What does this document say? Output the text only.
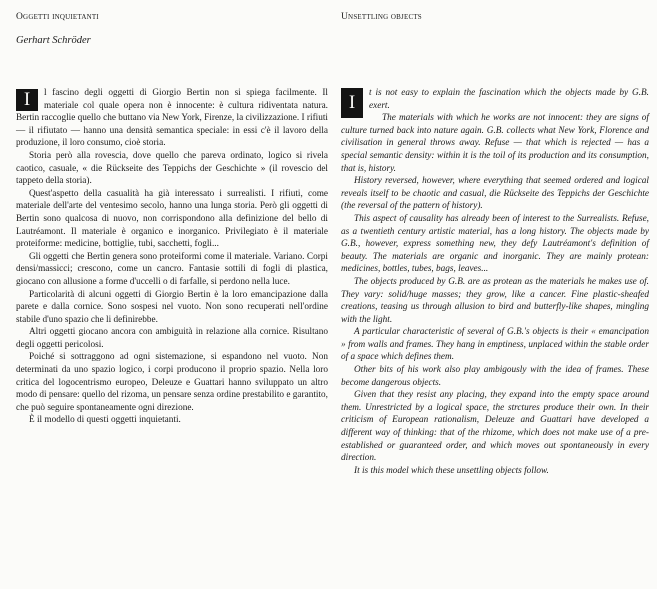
Oggetti inquietanti
Gerhart Schröder

I	l fascino degli oggetti di Giorgio Bertin non si spiega facilmente. Il materiale col quale opera non è innocente: è cultura ridiventata natura. Bertin raccoglie quello che buttano via New York, Firenze, la civilizzazione. I rifiuti — il rifiutato — hanno una densità semantica speciale: in essi c'è il lavoro della produzione, il loro consumo, cioè storia.

Storia però alla rovescia, dove quello che pareva ordinato, logico si rivela caotico, casuale, « die Rückseite des Teppichs der Geschichte » (il rovescio del tappeto della storia).

Quest'aspetto della casualità ha già interessato i surrealisti. I rifiuti, come materiale dell'arte del ventesimo secolo, hanno una lunga storia. Però gli oggetti di Bertin sono qualcosa di nuovo, non corrispondono alla definizione del bello di Lautréamont. Il materiale è organico e inorganico. Privilegiato è il materiale proteiforme: medicine, bottiglie, tubi, sacchetti, fogli...

Gli oggetti che Bertin genera sono proteiformi come il materiale. Variano. Corpi densi/massicci; crescono, come un cancro. Fantasie sottili di fogli di plastica, giocano con allusione a forme d'uccelli o di farfalle, si perdono nella luce.

Particolarità di alcuni oggetti di Giorgio Bertin è la loro emancipazione dalla parete e dalla cornice. Sono sospesi nel vuoto. Non sono recuperati nell'ordine stabile d'uno spazio che li definirebbe.

Altri oggetti giocano ancora con ambiguità in relazione alla cornice. Risultano degli oggetti pericolosi.

Poiché si sottraggono ad ogni sistemazione, si espandono nel vuoto. Non determinati da uno spazio logico, i corpi producono il proprio spazio. Nella loro critica del logocentrismo europeo, Deleuze e Guattari hanno sviluppato un altro modo di pensare: quello del rizoma, un pensare senza ordine prestabilito e garantito, che può seguire spontaneamente ogni direzione.

È il modello di questi oggetti inquietanti.

Unsettling objects

I	t is not easy to explain the fascination which the objects made by G.B. exert.

The materials with which he works are not innocent: they are signs of culture turned back into nature again. G.B. collects what New York, Florence and civilisation in general throws away. Refuse — that which is rejected — has a special semantic density: within it is the toil of its production and its consumption, that is, history.

History reversed, however, where everything that seemed ordered and logical reveals itself to be chaotic and casual, die Rückseite des Teppichs der Geschichte (the reversal of the pattern of history).

This aspect of causality has already been of interest to the Surrealists. Refuse, as a twentieth century artistic material, has a long history. The objects made by G.B., however, express something new, they defy Lautréamont's definition of beauty. The materials are organic and inorganic. They are mainly protean: medicines, bottles, tubes, bags, leaves...

The objects produced by G.B. are as protean as the materials he makes use of. They vary: solid/huge masses; they grow, like a cancer. Fine plastic-sheafed creations, teasing us through allusion to bird and butterfly-like shapes, mingling with the light.

A particular characteristic of several of G.B.'s objects is their « emancipation » from walls and frames. They hang in emptiness, unplaced within the stable order of a space which defines them.

Other bits of his work also play ambigously with the idea of frames. These become dangerous objects.

Given that they resist any placing, they expand into the empty space around them. Unrestricted by a logical space, the strctures produce their own. In their criticism of European rationalism, Deleuze and Guattari have developed a different way of thinking: that of the rhizome, which does not make use of a pre-established or guaranteed order, and which moves out spontaneously in every direction.

It is this model which these unsettling objects follow.
